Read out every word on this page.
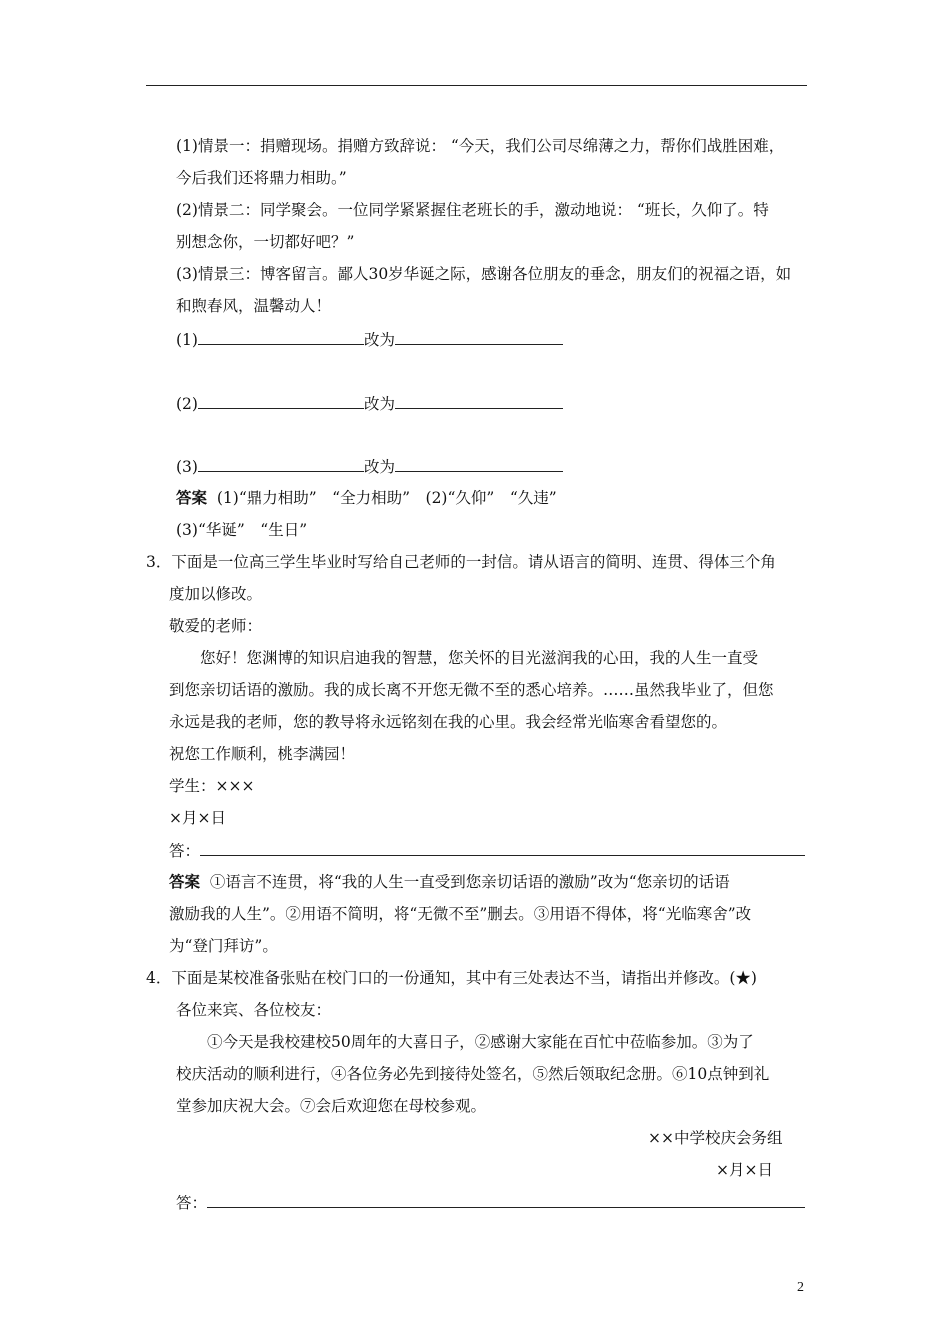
(1)情景一：捐赠现场。捐赠方致辞说： “今天，我们公司尽绵薄之力，帮你们战胜困难，
今后我们还将鼎力相助。”
(2)情景二：同学聚会。一位同学紧紧握住老班长的手，激动地说： “班长，久仰了。特
别想念你，一切都好吧？”
(3)情景三：博客留言。鄙人30岁华诞之际，感谢各位朋友的垂念，朋友们的祝福之语，如
和煦春风，温馨动人！
(1)	改为
(2)	改为
(3)	改为
答案 (1)“鼎力相助”　“全力相助”　(2)“久仰”　“久违”
(3)“华诞”　“生日”
3．下面是一位高三学生毕业时写给自己老师的一封信。请从语言的简明、连贯、得体三个角
度加以修改。
敬爱的老师：
您好！您渊博的知识启迪我的智慧，您关怀的目光滋润我的心田，我的人生一直受
到您亲切话语的激励。我的成长离不开您无微不至的悉心培养。……虽然我毕业了，但您
永远是我的老师，您的教导将永远铭刻在我的心里。我会经常光临寒舍看望您的。
祝您工作顺利，桃李满园！
学生：×××
×月×日
答：
答案 ①语言不连贯，将“我的人生一直受到您亲切话语的激励”改为“您亲切的话语
激励我的人生”。②用语不简明，将“无微不至”删去。③用语不得体，将“光临寒舍”改
为“登门拜访”。
4．下面是某校准备张贴在校门口的一份通知，其中有三处表达不当，请指出并修改。(★)
各位来宾、各位校友：
①今天是我校建校50周年的大喜日子，②感谢大家能在百忙中莅临参加。③为了
校庆活动的顺利进行，④各位务必先到接待处签名，⑤然后领取纪念册。⑥10点钟到礼
堂参加庆祝大会。⑦会后欢迎您在母校参观。
××中学校庆会务组
×月×日
答：
2
